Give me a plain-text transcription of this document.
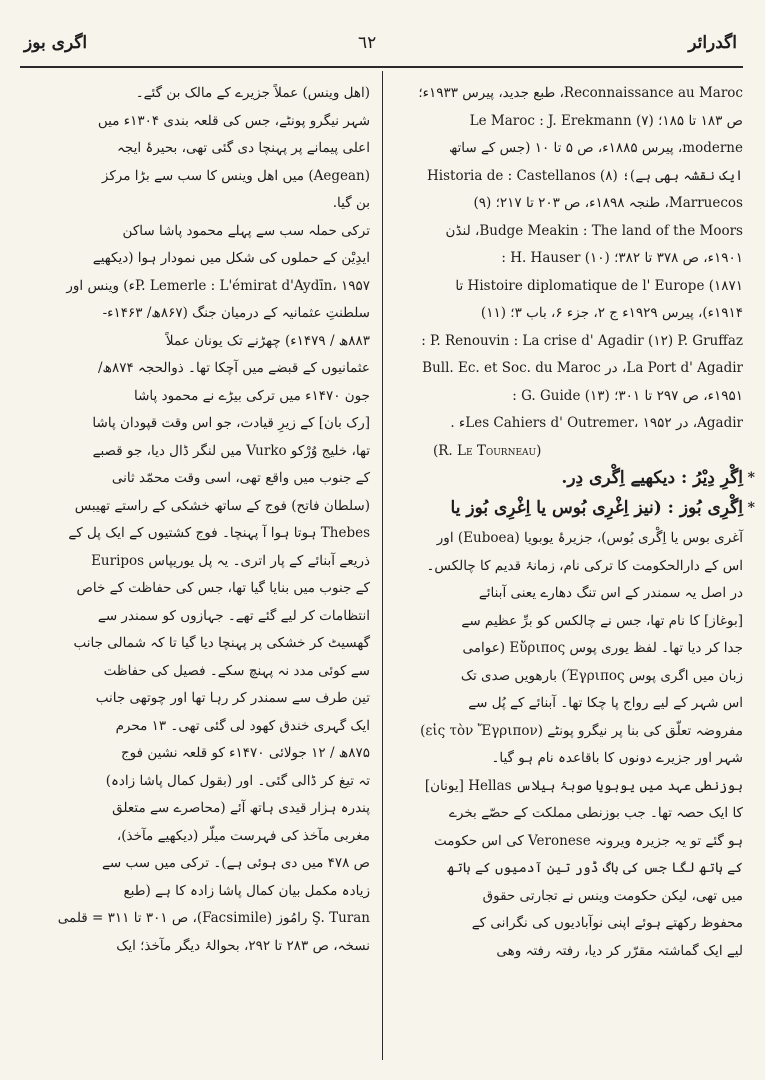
اگری بوز	٦٢	اگدرا‌ئر
Reconnaissance au Maroc، طبع جدید، پیرس ۱۹۳۳ء؛
ص ۱۸۳ تا ۱۸۵؛ (۷) Le Maroc : J. Erekmann
moderne، پیرس ۱۸۸۵ء، ص ۵ تا ۱۰ (جس کے ساتھ
ایک نقشہ بھی ہے)؛ (۸) Historia de : Castellanos
Marruecos، طنجہ ۱۸۹۸ء، ص ۲۰۳ تا ۲۱۷؛ (۹)
Budge Meakin : The land of the Moors، لنڈن
۱۹۰۱ء، ص ۳۷۸ تا ۳۸۲؛ (۱۰) H. Hauser :
Histoire diplomatique de l' Europe (۱۸۷۱ تا
۱۹۱۴ء)، پیرس ۱۹۲۹ء ج ۲، جزء ۶، باب ۳؛ (۱۱)
P. Renouvin : La crise d' Agadir (۱۲) P. Gruffaz :
La Port d' Agadir، در Bull. Ec. et Soc. du Maroc
۱۹۵۱ء، ص ۲۹۷ تا ۳۰۱؛ (۱۳) G. Guide :
Agadir، در Les Cahiers d' Outremer، ۱۹۵۲ء .
(R. Le Tourneau)
*
اِگْرِ دِیْرُ : دیکھیے اِگْری دِر.
*
اِگْرِی بُوز : (نیز اِغْرِی بُوس یا اِغْرِی بُوز یا
آغری بوس یا اِگْری بُوس)، جزیرۂ یوبویا (Euboea) اور
اس کے دارالحکومت کا ترکی نام، زمانۂ قدیم کا چالکس۔
در اصل یہ سمندر کے اس تنگ دھارے یعنی آبنائے
[بوغاز] کا نام تھا، جس نے چالکس کو برِّ عظیم سے
جدا کر دیا تھا۔ لفظ یوری پوس Εὔριπος (عوامی
زبان میں اگری پوس Έγριπος) بارھویں صدی تک
اس شہر کے لیے رواج پا چکا تھا۔ آبنائے کے پُل سے
مفروضہ تعلّق کی بنا پر نیگرو پونٹے (εἰς τὸν Ἔγριπον)
شہر اور جزیرے دونوں کا باقاعدہ نام ہو گیا۔
بوزنطی عہد میں یوبویا صوبۂ ہیلاس Hellas [یونان]
کا ایک حصہ تھا۔ جب بوزنطی مملکت کے حصّے بخرے
ہو گئے تو یہ جزیرہ ویرونہ Veronese کی اس حکومت
کے ہاتھ لگا جس کی باگ ڈور تین آدمیوں کے ہاتھ
میں تھی، لیکن حکومت وینس نے تجارتی حقوق
محفوظ رکھتے ہوئے اپنی نوآبادیوں کی نگرانی کے
لیے ایک گماشتہ مقرّر کر دیا، رفتہ رفتہ وھی
(اھل وینس) عملاً جزیرے کے مالک بن گئے۔
شہر نیگرو پونٹے، جس کی قلعہ بندی ۱۳۰۴ء میں
اعلی پیمانے پر پہنچا دی گئی تھی، بحیرۂ ایجہ
(Aegean) میں اھل وینس کا سب سے بڑا مرکز
بن گیا.
ترکی حملہ سب سے پہلے محمود پاشا ساکن
ایدِیْن کے حملوں کی شکل میں نمودار ہوا (دیکھیے
P. Lemerle : L'émirat d'Aydīn، ۱۹۵۷ء) وینس اور
سلطنتِ عثمانیہ کے درمیان جنگ (۸۶۷ھ/ ۱۴۶۳ء-
۸۸۳ھ / ۱۴۷۹ء) چھڑنے تک یونان عملاً
عثمانیوں کے قبضے میں آچکا تھا۔ ذوالحجہ ۸۷۴ھ/
جون ۱۴۷۰ء میں ترکی بیڑے نے محمود پاشا
[رک بان] کے زیرِ قیادت، جو اس وقت قپودان پاشا
تھا، خلیج وُرْکو Vurko میں لنگر ڈال دیا، جو قصبے
کے جنوب میں واقع تھی، اسی وقت محمّد ثانی
(سلطان فاتح) فوج کے ساتھ خشکی کے راستے تھیبس
Thebes ہوتا ہوا آ پہنچا۔ فوج کشتیوں کے ایک پل کے
ذریعے آبنائے کے پار اتری۔ یہ پل یوریپاس Euripos
کے جنوب میں بنایا گیا تھا، جس کی حفاظت کے خاص
انتظامات کر لیے گئے تھے۔ جہازوں کو سمندر سے
گھسیٹ کر خشکی پر پہنچا دیا گیا تا کہ شمالی جانب
سے کوئی مدد نہ پہنچ سکے۔ فصیل کی حفاظت
تین طرف سے سمندر کر رہا تھا اور چوتھی جانب
ایک گہری خندق کھود لی گئی تھی۔ ۱۳ محرم
۸۷۵ھ / ۱۲ جولائی ۱۴۷۰ء کو قلعہ نشین فوج
تہ تیغ کر ڈالی گئی۔ اور (بقول کمال پاشا زادہ)
پندرہ ہزار قیدی ہاتھ آئے (محاصرے سے متعلق
مغربی مآخذ کی فہرست میلّر (دیکھیے مآخذ)،
ص ۴۷۸ میں دی ہوئی ہے)۔ ترکی میں سب سے
زیادہ مکمل بیان کمال پاشا زادہ کا ہے (طبع
Ş. Turan رامُوز (Facsimile)، ص ۳۰۱ تا ۳۱۱ = قلمی
نسخہ، ص ۲۸۳ تا ۲۹۲، بحوالۂ دیگر مآخذ؛ ایک
